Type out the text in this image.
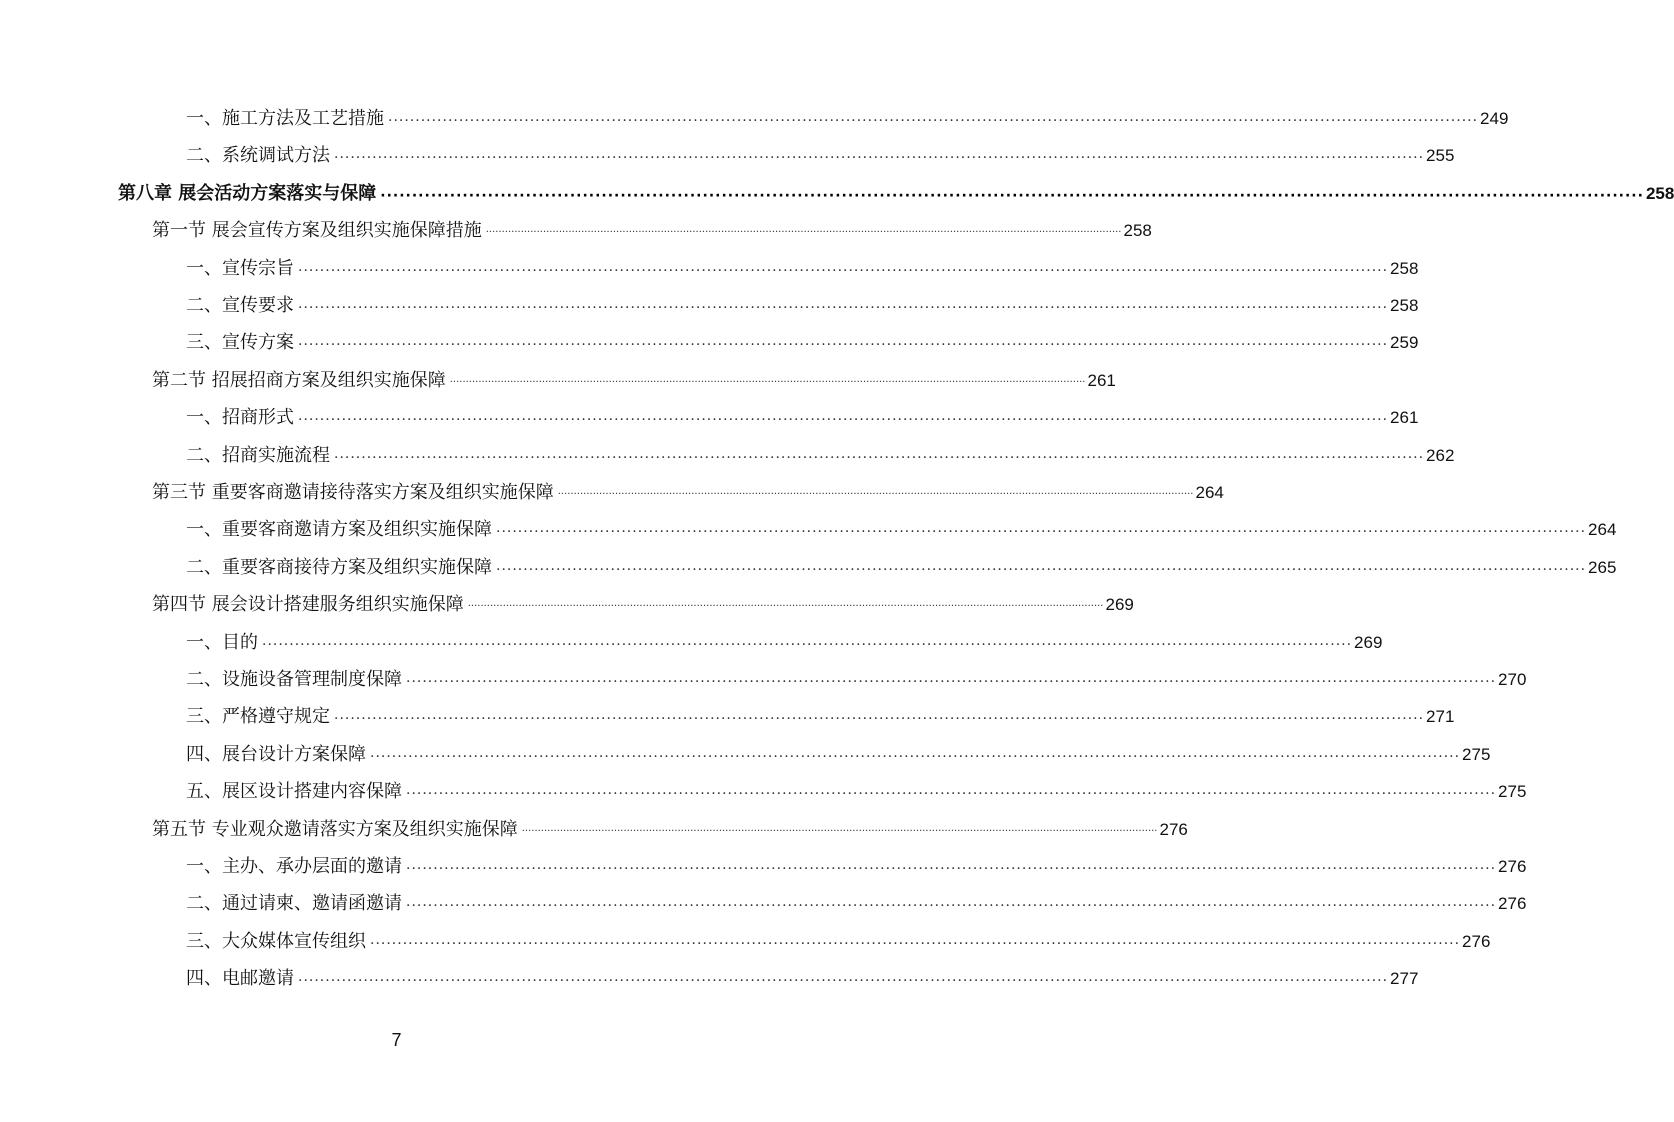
一、施工方法及工艺措施 ········································································································································································································ 249
二、系统调试方法 ········································································································································································································ 255
第八章 展会活动方案落实与保障 ········································································································································································································ 258
第一节 展会宣传方案及组织实施保障措施 ········································································································································································································ 258
一、宣传宗旨 ········································································································································································································ 258
二、宣传要求 ········································································································································································································ 258
三、宣传方案 ········································································································································································································ 259
第二节 招展招商方案及组织实施保障 ········································································································································································································ 261
一、招商形式 ········································································································································································································ 261
二、招商实施流程 ········································································································································································································ 262
第三节 重要客商邀请接待落实方案及组织实施保障 ········································································································································································································ 264
一、重要客商邀请方案及组织实施保障 ········································································································································································································ 264
二、重要客商接待方案及组织实施保障 ········································································································································································································ 265
第四节 展会设计搭建服务组织实施保障 ········································································································································································································ 269
一、目的 ········································································································································································································ 269
二、设施设备管理制度保障 ········································································································································································································ 270
三、严格遵守规定 ········································································································································································································ 271
四、展台设计方案保障 ········································································································································································································ 275
五、展区设计搭建内容保障 ········································································································································································································ 275
第五节 专业观众邀请落实方案及组织实施保障 ········································································································································································································ 276
一、主办、承办层面的邀请 ········································································································································································································ 276
二、通过请柬、邀请函邀请 ········································································································································································································ 276
三、大众媒体宣传组织 ········································································································································································································ 276
四、电邮邀请 ········································································································································································································ 277
7
